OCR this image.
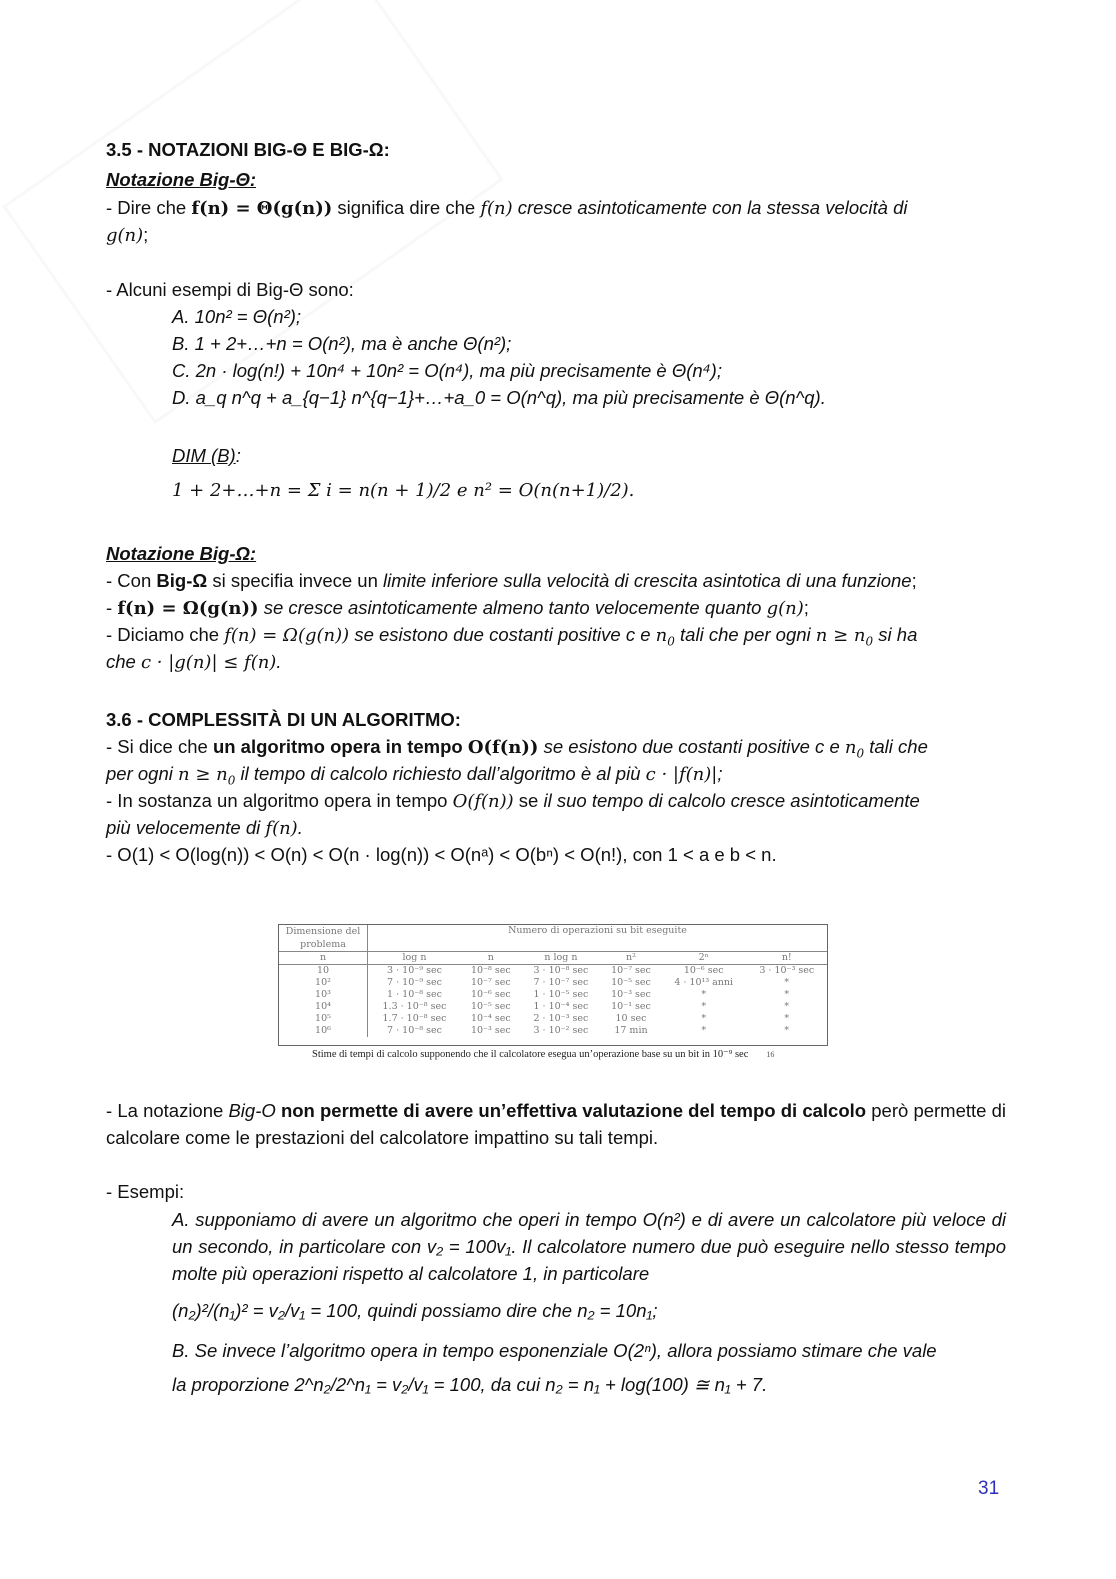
3.5 - NOTAZIONI BIG-Θ E BIG-Ω:
Notazione Big-Θ:
- Dire che f(n) = Θ(g(n)) significa dire che f(n) cresce asintoticamente con la stessa velocità di
g(n);
- Alcuni esempi di Big-Θ sono:
A. 10n² = Θ(n²);
B. 1 + 2+…+n = O(n²), ma è anche Θ(n²);
C. 2n · log(n!) + 10n⁴ + 10n² = O(n⁴), ma più precisamente è Θ(n⁴);
D. a_q n^q + a_{q−1} n^{q−1}+…+a_0 = O(n^q), ma più precisamente è Θ(n^q).
DIM (B):
1 + 2+…+n = Σ i = n(n + 1)/2 e n² = O(n(n+1)/2).
Notazione Big-Ω:
- Con Big-Ω si specifia invece un limite inferiore sulla velocità di crescita asintotica di una funzione;
- f(n) = Ω(g(n)) se cresce asintoticamente almeno tanto velocemente quanto g(n);
- Diciamo che f(n) = Ω(g(n)) se esistono due costanti positive c e $n_0$ tali che per ogni $n \ge n_0$ si ha
che c · |g(n)| ≤ f(n).
3.6 - COMPLESSITÀ DI UN ALGORITMO:
- Si dice che un algoritmo opera in tempo O(f(n)) se esistono due costanti positive c e $n_0$ tali che
per ogni $n \ge n_0$ il tempo di calcolo richiesto dall’algoritmo è al più c · |f(n)|;
- In sostanza un algoritmo opera in tempo O(f(n)) se il suo tempo di calcolo cresce asintoticamente
più velocemente di f(n).
- O(1) < O(log(n)) < O(n) < O(n · log(n)) < O(nᵃ) < O(bⁿ) < O(n!), con 1 < a e b < n.
Dimensione del problema	Numero di operazioni su bit eseguite					
n	log n	n	n log n	n²	2ⁿ	n!
10	3 · 10⁻⁹ sec	10⁻⁸ sec	3 · 10⁻⁸ sec	10⁻⁷ sec	10⁻⁶ sec	3 · 10⁻³ sec
10²	7 · 10⁻⁹ sec	10⁻⁷ sec	7 · 10⁻⁷ sec	10⁻⁵ sec	4 · 10¹³ anni	*
10³	1 · 10⁻⁸ sec	10⁻⁶ sec	1 · 10⁻⁵ sec	10⁻³ sec	*	*
10⁴	1.3 · 10⁻⁸ sec	10⁻⁵ sec	1 · 10⁻⁴ sec	10⁻¹ sec	*	*
10⁵	1.7 · 10⁻⁸ sec	10⁻⁴ sec	2 · 10⁻³ sec	10 sec	*	*
10⁶	7 · 10⁻⁸ sec	10⁻³ sec	3 · 10⁻² sec	17 min	*	*
Stime di tempi di calcolo supponendo che il calcolatore esegua un’operazione base su un bit in 10⁻⁹ sec 16
- La notazione Big-O non permette di avere un’effettiva valutazione del tempo di calcolo però permette di calcolare come le prestazioni del calcolatore impattino su tali tempi.
- Esempi:
A. supponiamo di avere un algoritmo che operi in tempo O(n²) e di avere un calcolatore più veloce di un secondo, in particolare con v₂ = 100v₁. Il calcolatore numero due può eseguire nello stesso tempo molte più operazioni rispetto al calcolatore 1, in particolare
(n₂)²/(n₁)² = v₂/v₁ = 100, quindi possiamo dire che n₂ = 10n₁;
B. Se invece l’algoritmo opera in tempo esponenziale O(2ⁿ), allora possiamo stimare che vale
la proporzione 2^n₂/2^n₁ = v₂/v₁ = 100, da cui n₂ = n₁ + log(100) ≅ n₁ + 7.
31
